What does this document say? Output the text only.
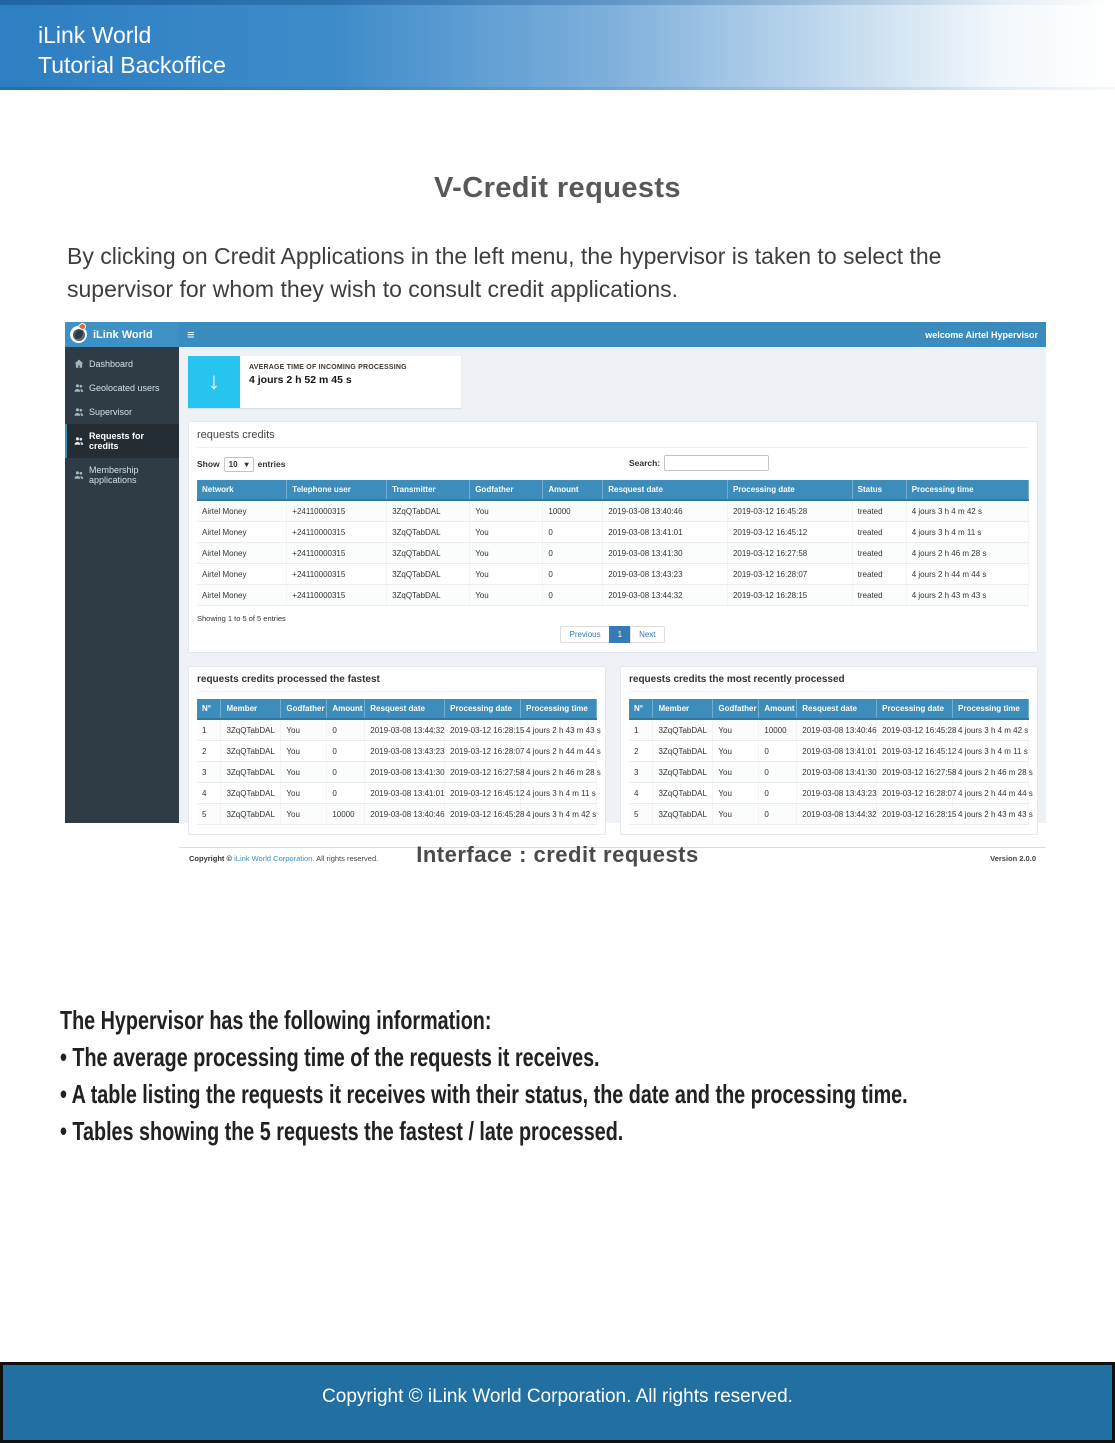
iLink World
Tutorial Backoffice
V-Credit requests
By clicking on Credit Applications in the left menu, the hypervisor is taken to select the supervisor for whom they wish to consult credit applications.
iLink World	≡	welcome Airtel Hypervisor
Dashboard
Geolocated users
Supervisor
Requests for credits
Membership applications
↓
AVERAGE TIME OF INCOMING PROCESSING
4 jours 2 h 52 m 45 s
requests credits
Show 10 ▾ entries	Search:
Network	Telephone user	Transmitter	Godfather	Amount	Resquest date	Processing date	Status	Processing time
Airtel Money	+24110000315	3ZqQTabDAL	You	10000	2019-03-08 13:40:46	2019-03-12 16:45:28	treated	4 jours 3 h 4 m 42 s
Airtel Money	+24110000315	3ZqQTabDAL	You	0	2019-03-08 13:41:01	2019-03-12 16:45:12	treated	4 jours 3 h 4 m 11 s
Airtel Money	+24110000315	3ZqQTabDAL	You	0	2019-03-08 13:41:30	2019-03-12 16:27:58	treated	4 jours 2 h 46 m 28 s
Airtel Money	+24110000315	3ZqQTabDAL	You	0	2019-03-08 13:43:23	2019-03-12 16:28:07	treated	4 jours 2 h 44 m 44 s
Airtel Money	+24110000315	3ZqQTabDAL	You	0	2019-03-08 13:44:32	2019-03-12 16:28:15	treated	4 jours 2 h 43 m 43 s
Showing 1 to 5 of 5 entries
Previous	1	Next
requests credits processed the fastest
N°	Member	Godfather	Amount	Resquest date	Processing date	Processing time
1	3ZqQTabDAL	You	0	2019-03-08 13:44:32	2019-03-12 16:28:15	4 jours 2 h 43 m 43 s
2	3ZqQTabDAL	You	0	2019-03-08 13:43:23	2019-03-12 16:28:07	4 jours 2 h 44 m 44 s
3	3ZqQTabDAL	You	0	2019-03-08 13:41:30	2019-03-12 16:27:58	4 jours 2 h 46 m 28 s
4	3ZqQTabDAL	You	0	2019-03-08 13:41:01	2019-03-12 16:45:12	4 jours 3 h 4 m 11 s
5	3ZqQTabDAL	You	10000	2019-03-08 13:40:46	2019-03-12 16:45:28	4 jours 3 h 4 m 42 s
requests credits the most recently processed
N°	Member	Godfather	Amount	Resquest date	Processing date	Processing time
1	3ZqQTabDAL	You	10000	2019-03-08 13:40:46	2019-03-12 16:45:28	4 jours 3 h 4 m 42 s
2	3ZqQTabDAL	You	0	2019-03-08 13:41:01	2019-03-12 16:45:12	4 jours 3 h 4 m 11 s
3	3ZqQTabDAL	You	0	2019-03-08 13:41:30	2019-03-12 16:27:58	4 jours 2 h 46 m 28 s
4	3ZqQTabDAL	You	0	2019-03-08 13:43:23	2019-03-12 16:28:07	4 jours 2 h 44 m 44 s
5	3ZqQTabDAL	You	0	2019-03-08 13:44:32	2019-03-12 16:28:15	4 jours 2 h 43 m 43 s
Copyright © iLink World Corporation. All rights reserved.	Version 2.0.0
Interface : credit requests
The Hypervisor has the following information:
• The average processing time of the requests it receives.
• A table listing the requests it receives with their status, the date and the processing time.
• Tables showing the 5 requests the fastest / late processed.
Copyright © iLink World Corporation. All rights reserved.
